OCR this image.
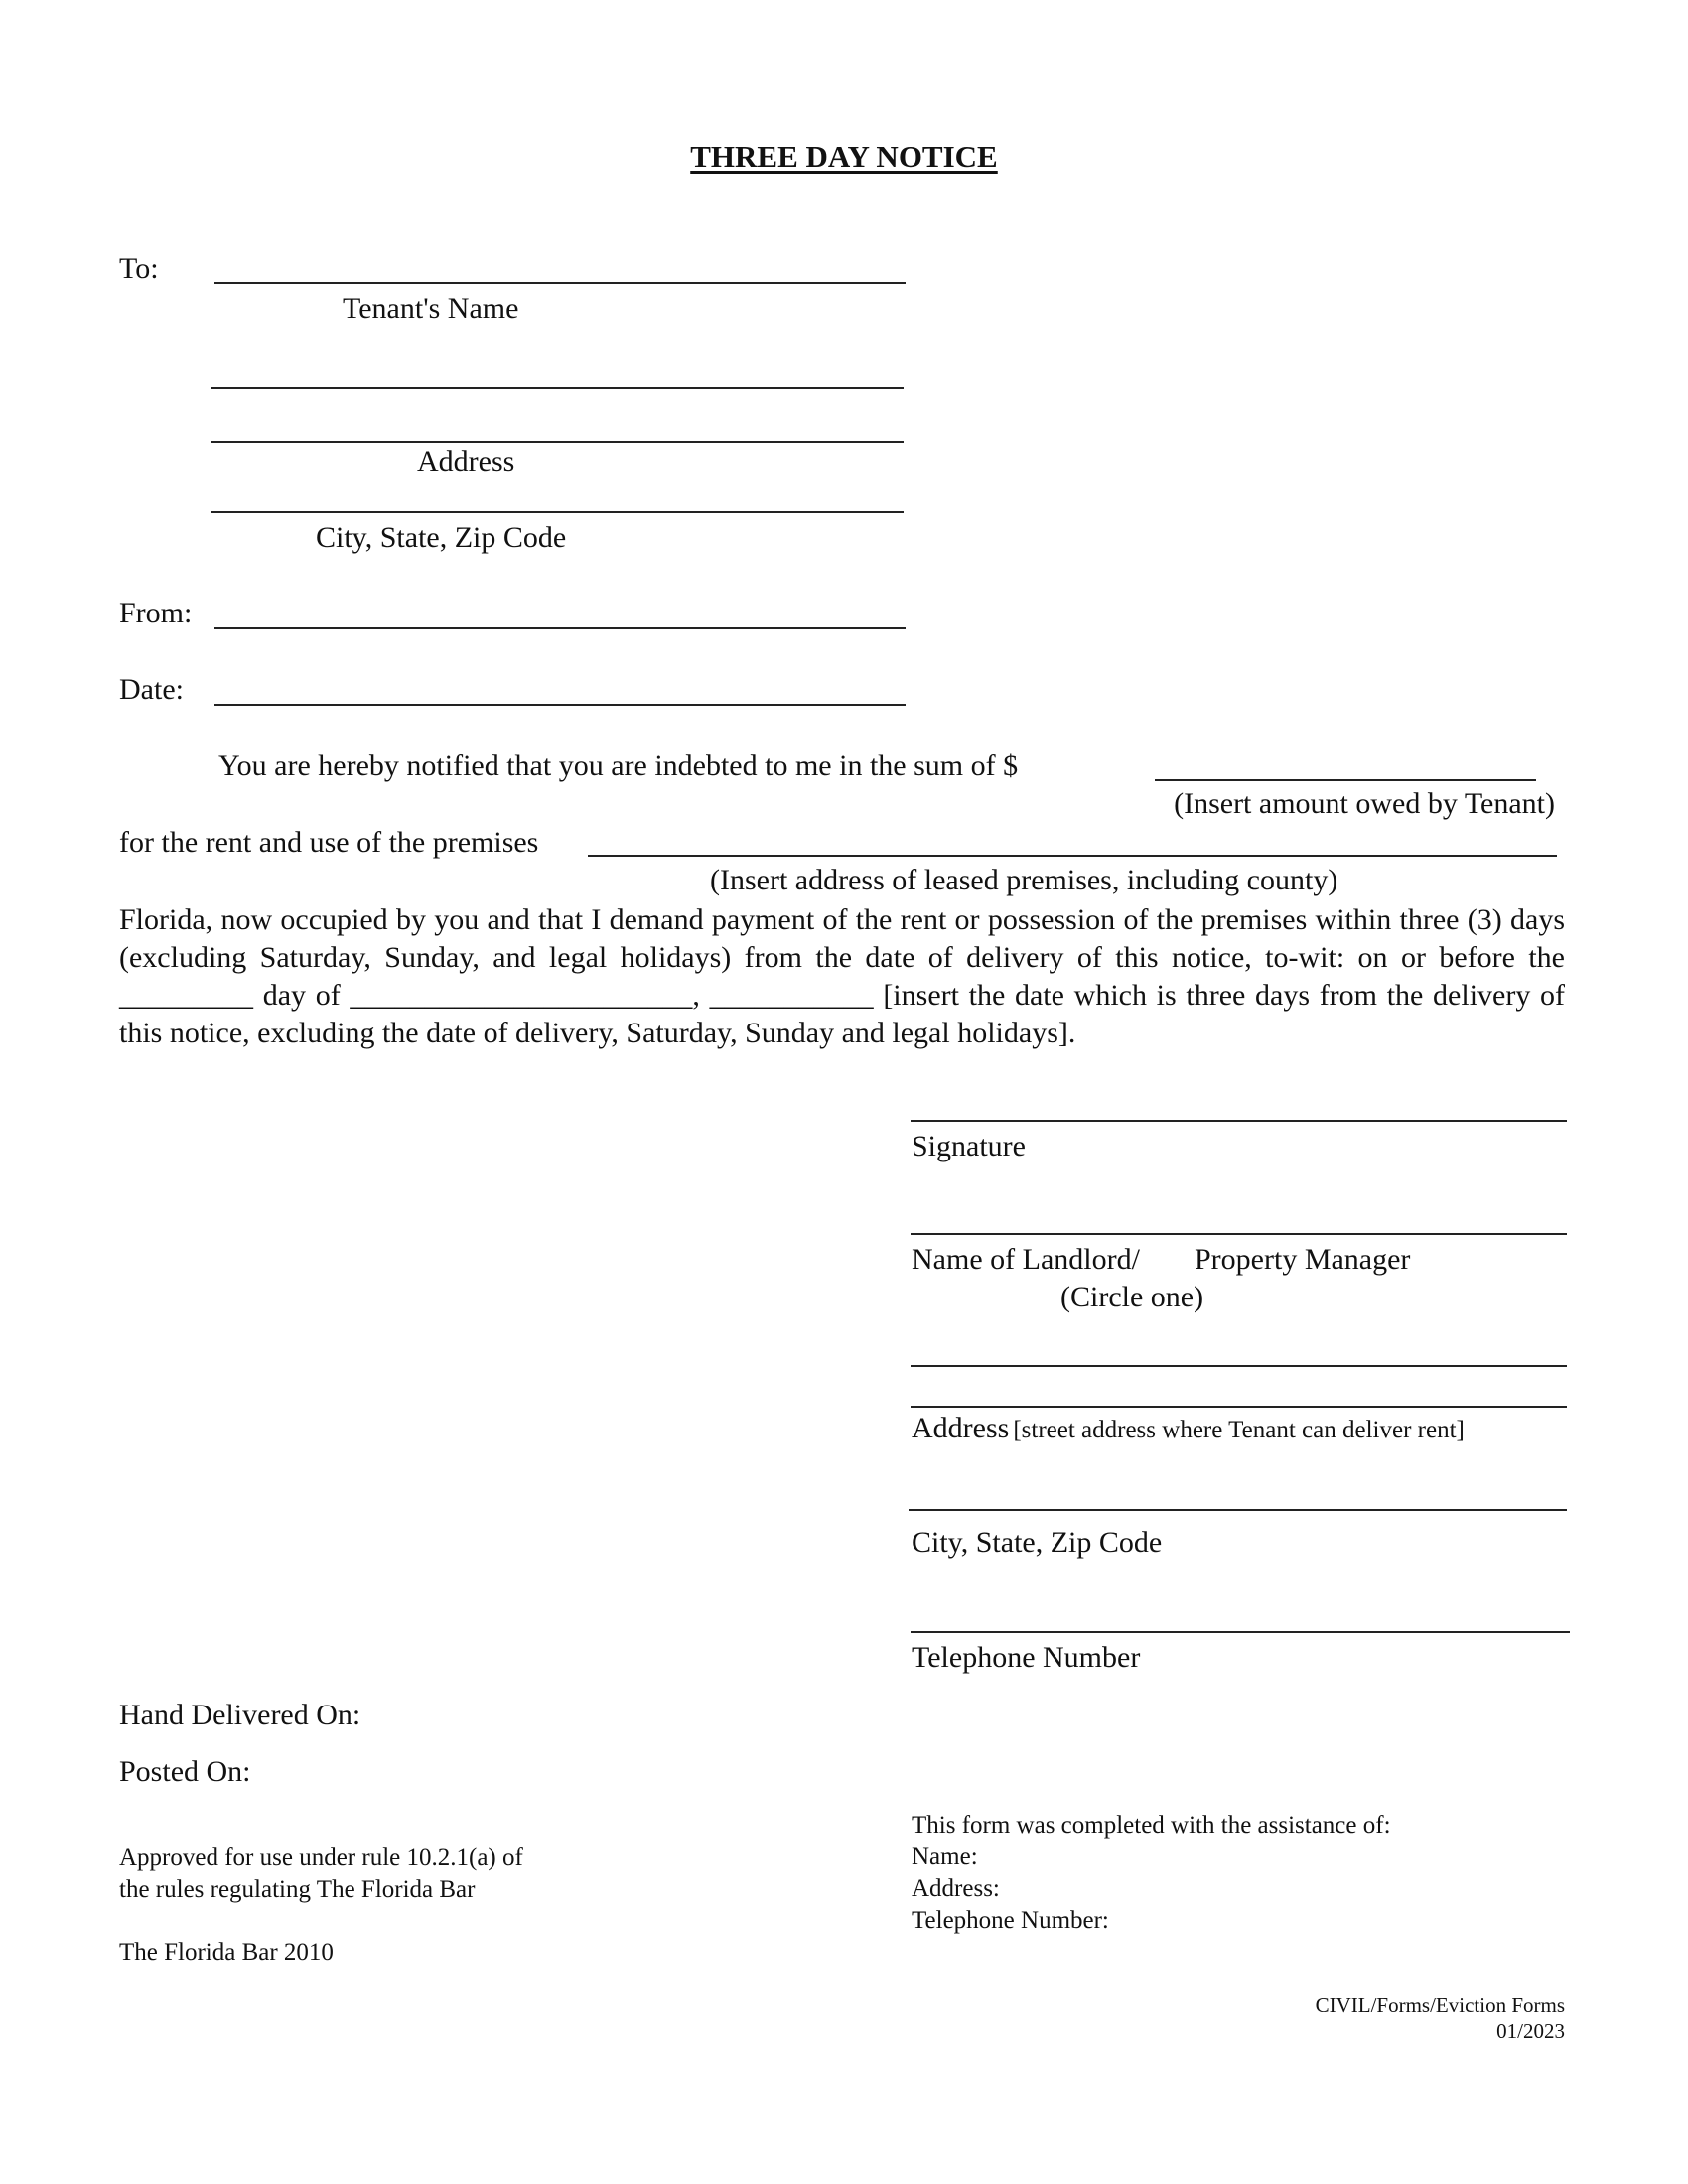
THREE DAY NOTICE
To:
Tenant's Name
Address
City, State, Zip Code
From:
Date:
You are hereby notified that you are indebted to me in the sum of $
(Insert amount owed by Tenant)
for the rent and use of the premises
(Insert address of leased premises, including county)
Florida, now occupied by you and that I demand payment of the rent or possession of the premises within three (3) days (excluding Saturday, Sunday, and legal holidays) from the date of delivery of this notice, to-wit: on or before the _________ day of _______________________, ___________ [insert the date which is three days from the delivery of this notice, excluding the date of delivery, Saturday, Sunday and legal holidays].
Signature
Name of Landlord/ Property Manager
(Circle one)
Address [street address where Tenant can deliver rent]
City, State, Zip Code
Telephone Number
Hand Delivered On:
Posted On:
Approved for use under rule 10.2.1(a) of
the rules regulating The Florida Bar
The Florida Bar 2010
This form was completed with the assistance of:
Name:
Address:
Telephone Number:
CIVIL/Forms/Eviction Forms
01/2023
